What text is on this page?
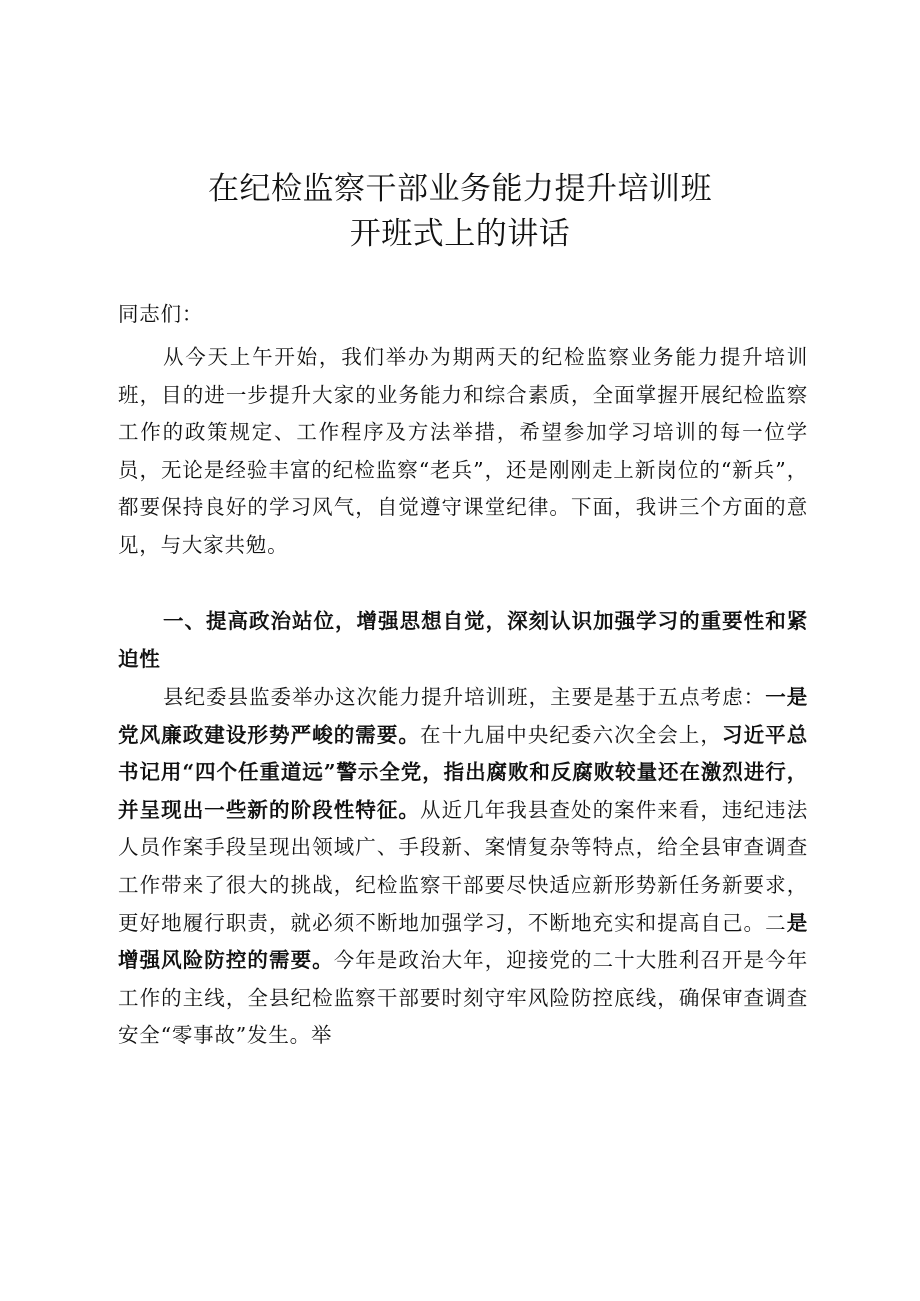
在纪检监察干部业务能力提升培训班
开班式上的讲话
同志们：
从今天上午开始，我们举办为期两天的纪检监察业务能力提升培训班，目的进一步提升大家的业务能力和综合素质，全面掌握开展纪检监察工作的政策规定、工作程序及方法举措，希望参加学习培训的每一位学员，无论是经验丰富的纪检监察“老兵”，还是刚刚走上新岗位的“新兵”，都要保持良好的学习风气，自觉遵守课堂纪律。下面，我讲三个方面的意见，与大家共勉。
一、提高政治站位，增强思想自觉，深刻认识加强学习的重要性和紧迫性
县纪委县监委举办这次能力提升培训班，主要是基于五点考虑：一是党风廉政建设形势严峻的需要。在十九届中央纪委六次全会上，习近平总书记用“四个任重道远”警示全党，指出腐败和反腐败较量还在激烈进行，并呈现出一些新的阶段性特征。从近几年我县查处的案件来看，违纪违法人员作案手段呈现出领域广、手段新、案情复杂等特点，给全县审查调查工作带来了很大的挑战，纪检监察干部要尽快适应新形势新任务新要求，更好地履行职责，就必须不断地加强学习，不断地充实和提高自己。二是增强风险防控的需要。今年是政治大年，迎接党的二十大胜利召开是今年工作的主线，全县纪检监察干部要时刻守牢风险防控底线，确保审查调查安全“零事故”发生。举
